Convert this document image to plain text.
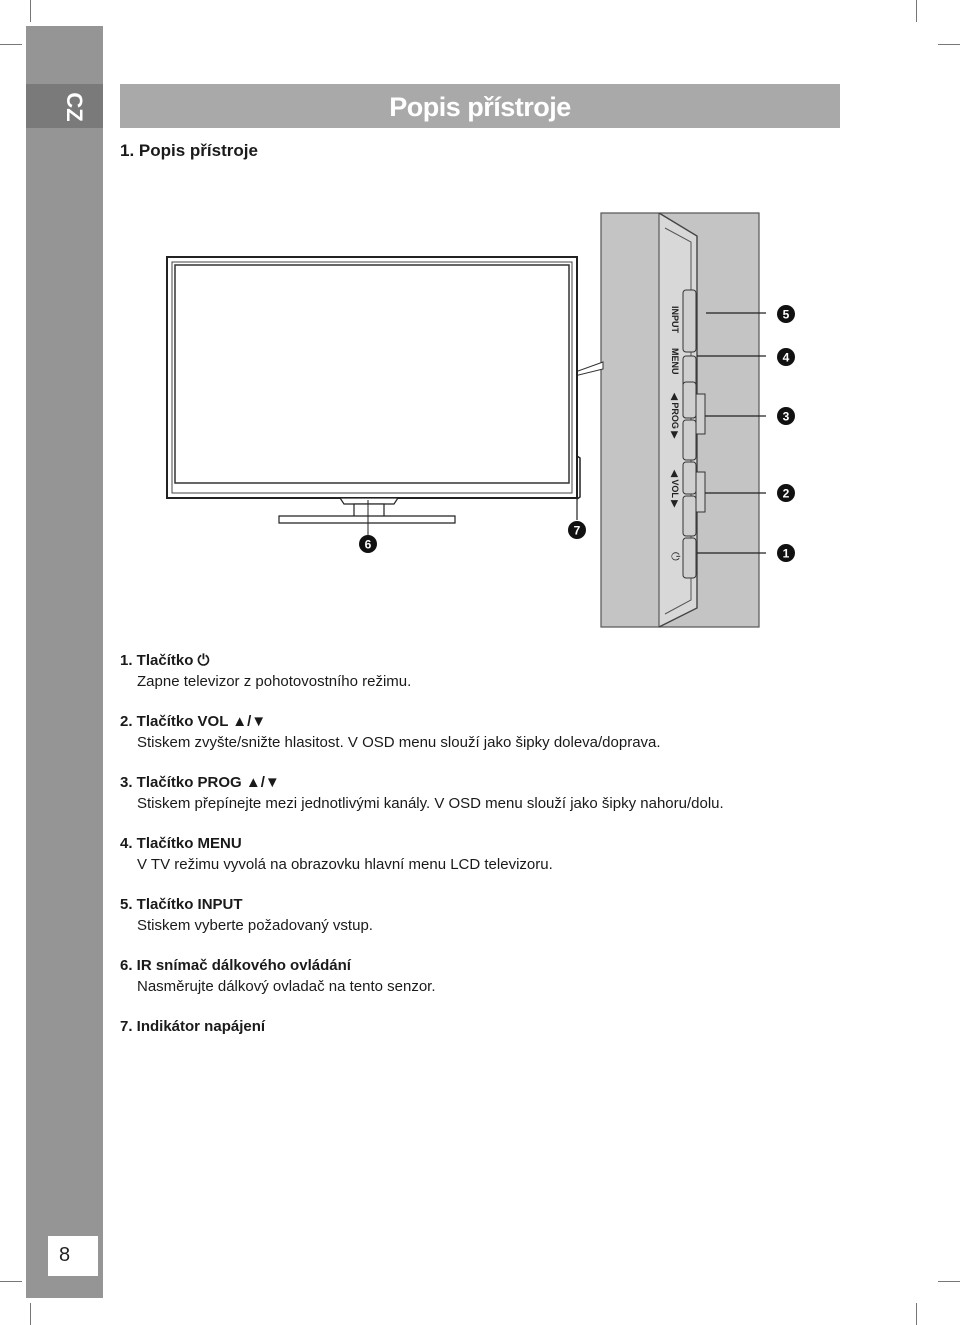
CZ
8
Popis přístroje
1. Popis přístroje
INPUT
MENU
◀ PROG ▶
◀ VOL ▶
⏻
5
4
3
2
1
6
7
1. Tlačítko ⏻
Zapne televizor z pohotovostního režimu.
2. Tlačítko VOL ▲/▼
Stiskem zvyšte/snižte hlasitost. V OSD menu slouží jako šipky doleva/doprava.
3. Tlačítko PROG ▲/▼
Stiskem přepínejte mezi jednotlivými kanály. V OSD menu slouží jako šipky nahoru/dolu.
4. Tlačítko MENU
V TV režimu vyvolá na obrazovku hlavní menu LCD televizoru.
5. Tlačítko INPUT
Stiskem vyberte požadovaný vstup.
6. IR snímač dálkového ovládání
Nasměrujte dálkový ovladač na tento senzor.
7. Indikátor napájení
